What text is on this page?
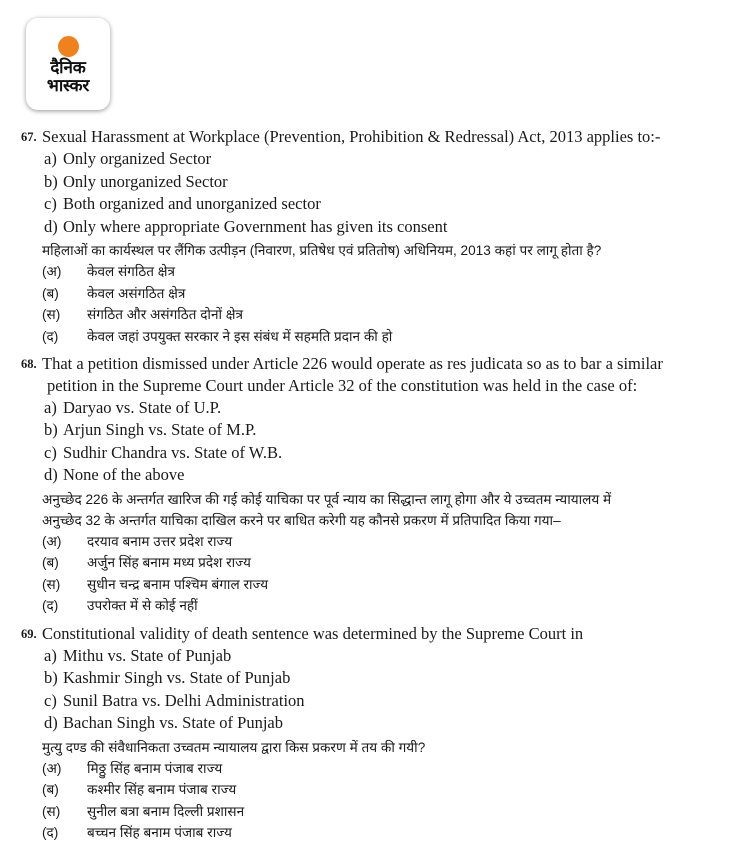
दैनिक
भास्कर
67. Sexual Harassment at Workplace (Prevention, Prohibition & Redressal) Act, 2013 applies to:-
a) Only organized Sector
b) Only unorganized Sector
c) Both organized and unorganized sector
d) Only where appropriate Government has given its consent
महिलाओं का कार्यस्थल पर लैंगिक उत्पीड़न (निवारण, प्रतिषेध एवं प्रतितोष) अधिनियम, 2013 कहां पर लागू होता है?
(अ)	केवल संगठित क्षेत्र
(ब)	केवल असंगठित क्षेत्र
(स)	संगठित और असंगठित दोनों क्षेत्र
(द)	केवल जहां उपयुक्त सरकार ने इस संबंध में सहमति प्रदान की हो
68. That a petition dismissed under Article 226 would operate as res judicata so as to bar a similar
petition in the Supreme Court under Article 32 of the constitution was held in the case of:
a) Daryao vs. State of U.P.
b) Arjun Singh vs. State of M.P.
c) Sudhir Chandra vs. State of W.B.
d) None of the above
अनुच्छेद 226 के अन्तर्गत खारिज की गई कोई याचिका पर पूर्व न्याय का सिद्धान्त लागू होगा और ये उच्वतम न्यायालय में
अनुच्छेद 32 के अन्तर्गत याचिका दाखिल करने पर बाधित करेगी यह कौनसे प्रकरण में प्रतिपादित किया गया–
(अ)	दरयाव बनाम उत्तर प्रदेश राज्य
(ब)	अर्जुन सिंह बनाम मध्य प्रदेश राज्य
(स)	सुधीन चन्द्र बनाम पश्चिम बंगाल राज्य
(द)	उपरोक्त में से कोई नहीं
69. Constitutional validity of death sentence was determined by the Supreme Court in
a) Mithu vs. State of Punjab
b) Kashmir Singh vs. State of Punjab
c) Sunil Batra vs. Delhi Administration
d) Bachan Singh vs. State of Punjab
मुत्यु दण्ड की संवैधानिकता उच्वतम न्यायालय द्वारा किस प्रकरण में तय की गयी?
(अ)	मिठ्ठु सिंह बनाम पंजाब राज्य
(ब)	कश्मीर सिंह बनाम पंजाब राज्य
(स)	सुनील बत्रा बनाम दिल्ली प्रशासन
(द)	बच्चन सिंह बनाम पंजाब राज्य
